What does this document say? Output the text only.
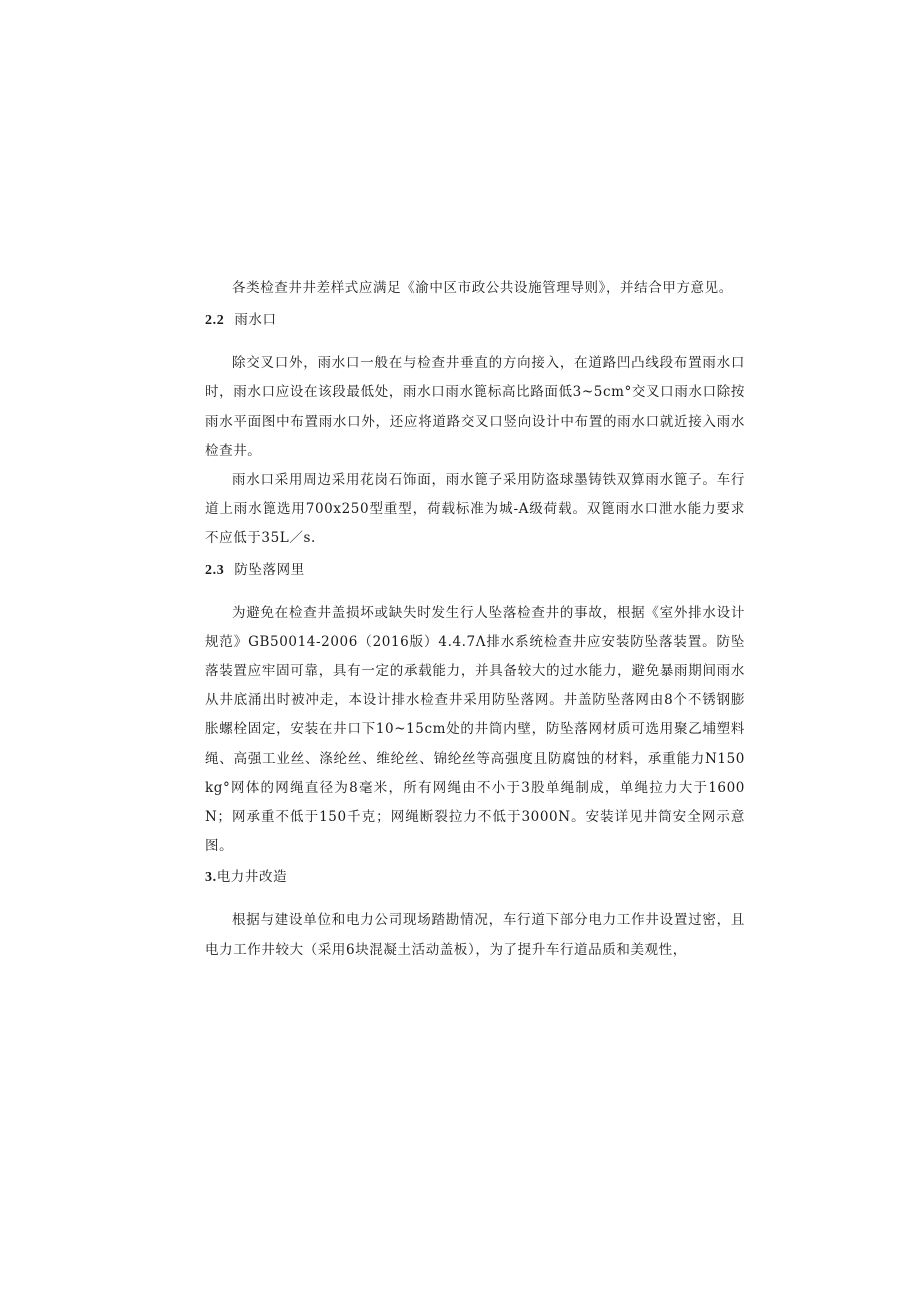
各类检查井井差样式应满足《渝中区市政公共设施管理导则》，并结合甲方意见。

2.2 雨水口

除交叉口外，雨水口一般在与检查井垂直的方向接入，在道路凹凸线段布置雨水口时，雨水口应设在该段最低处，雨水口雨水篦标高比路面低3~5cm°交叉口雨水口除按雨水平面图中布置雨水口外，还应将道路交叉口竖向设计中布置的雨水口就近接入雨水检查井。

雨水口采用周边采用花岗石饰面，雨水篦子采用防盗球墨铸铁双算雨水篦子。车行道上雨水篦选用700x250型重型，荷载标准为城-A级荷载。双篦雨水口泄水能力要求不应低于35L／s.

2.3 防坠落网里

为避免在检查井盖损坏或缺失时发生行人坠落检查井的事故，根据《室外排水设计规范》GB50014-2006（2016版）4.4.7Λ排水系统检查井应安装防坠落装置。防坠落装置应牢固可靠，具有一定的承载能力，并具备较大的过水能力，避免暴雨期间雨水从井底涌出时被冲走，本设计排水检查井采用防坠落网。井盖防坠落网由8个不锈钢膨胀螺栓固定，安装在井口下10~15cm处的井筒内壁，防坠落网材质可选用聚乙埔塑料绳、高强工业丝、涤纶丝、维纶丝、锦纶丝等高强度且防腐蚀的材料，承重能力N150kg°网体的网绳直径为8毫米，所有网绳由不小于3股单绳制成，单绳拉力大于1600N；网承重不低于150千克；网绳断裂拉力不低于3000N。安装详见井筒安全网示意图。

3.电力井改造

根据与建设单位和电力公司现场踏勘情况，车行道下部分电力工作井设置过密，且电力工作井较大（采用6块混凝土活动盖板），为了提升车行道品质和美观性，
